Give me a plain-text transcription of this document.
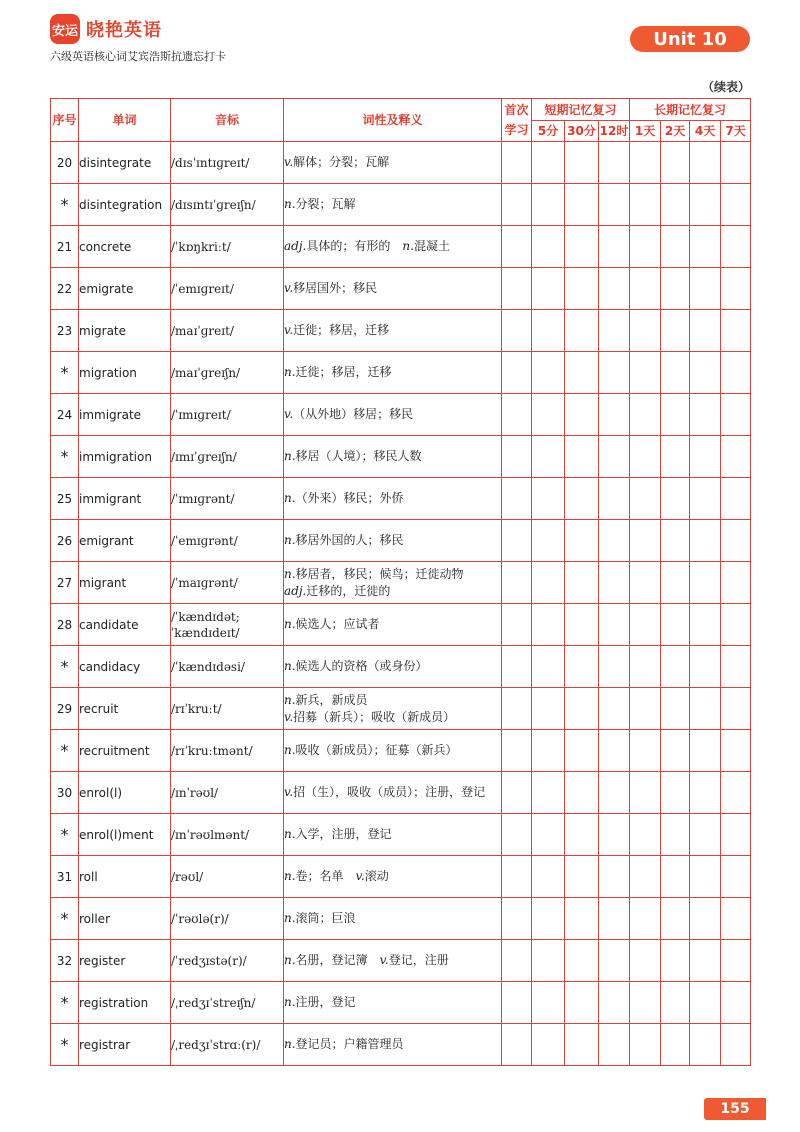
安运 晓艳英语
六级英语核心词艾宾浩斯抗遗忘打卡
Unit 10
（续表）
序号	单词	音标	词性及释义	首次学习	短期记忆复习			长期记忆复习			
					5分	30分	12时	1天	2天	4天	7天
20	disintegrate	/dɪsˈɪntɪɡreɪt/	v.解体；分裂；瓦解								

*	disintegration	/dɪsɪntɪˈɡreɪʃn/	n.分裂；瓦解								

21	concrete	/ˈkɒŋkriːt/	adj.具体的；有形的　n.混凝土								

22	emigrate	/ˈemɪɡreɪt/	v.移居国外；移民								

23	migrate	/maɪˈɡreɪt/	v.迁徙；移居，迁移								

*	migration	/maɪˈɡreɪʃn/	n.迁徙；移居，迁移								

24	immigrate	/ˈɪmɪɡreɪt/	v.（从外地）移居；移民								

*	immigration	/ɪmɪˈɡreɪʃn/	n.移居（人境）；移民人数								

25	immigrant	/ˈɪmɪɡrənt/	n.（外来）移民；外侨								

26	emigrant	/ˈemɪɡrənt/	n.移居外国的人；移民								

27	migrant	/ˈmaɪɡrənt/	n.移居者，移民；候鸟；迁徙动物
adj.迁移的，迁徙的								

28	candidate	/ˈkændɪdət; ˈkændɪdeɪt/	n.候选人；应试者								

*	candidacy	/ˈkændɪdəsi/	n.候选人的资格（或身份）								

29	recruit	/rɪˈkruːt/	n.新兵，新成员
v.招募（新兵）；吸收（新成员）								

*	recruitment	/rɪˈkruːtmənt/	n.吸收（新成员）；征募（新兵）								

30	enrol(l)	/ɪnˈrəʊl/	v.招（生），吸收（成员）；注册，登记								

*	enrol(l)ment	/ɪnˈrəʊlmənt/	n.入学，注册，登记								

31	roll	/rəʊl/	n.卷；名单　v.滚动								

*	roller	/ˈrəʊlə(r)/	n.滚筒；巨浪								

32	register	/ˈredʒɪstə(r)/	n.名册，登记簿　v.登记，注册								

*	registration	/ˌredʒɪˈstreɪʃn/	n.注册，登记								

*	registrar	/ˌredʒɪˈstrɑː(r)/	n.登记员；户籍管理员								

155
